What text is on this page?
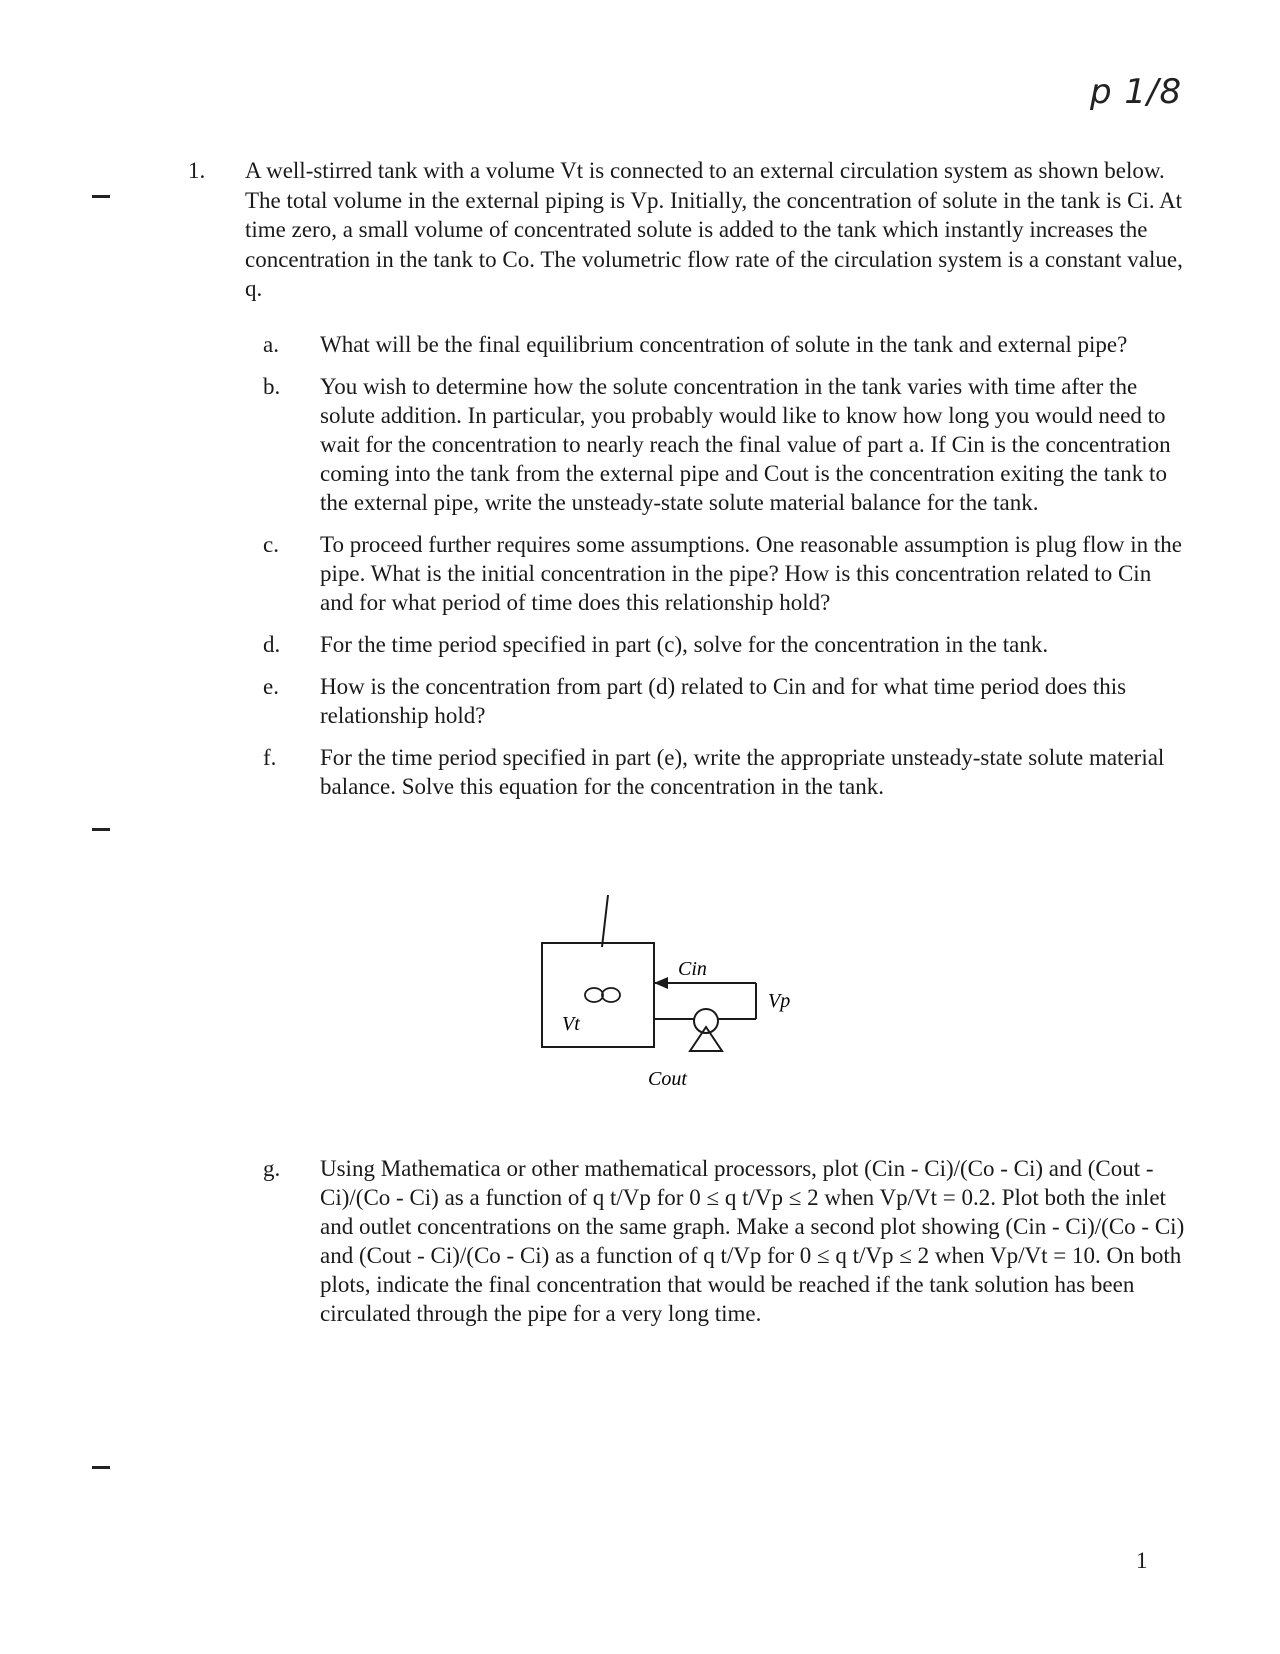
p 1/8
1. A well-stirred tank with a volume Vt is connected to an external circulation system as shown below. The total volume in the external piping is Vp. Initially, the concentration of solute in the tank is Ci. At time zero, a small volume of concentrated solute is added to the tank which instantly increases the concentration in the tank to Co. The volumetric flow rate of the circulation system is a constant value, q.
a.	What will be the final equilibrium concentration of solute in the tank and external pipe?
b.	You wish to determine how the solute concentration in the tank varies with time after the solute addition. In particular, you probably would like to know how long you would need to wait for the concentration to nearly reach the final value of part a. If Cin is the concentration coming into the tank from the external pipe and Cout is the concentration exiting the tank to the external pipe, write the unsteady-state solute material balance for the tank.
c.	To proceed further requires some assumptions. One reasonable assumption is plug flow in the pipe. What is the initial concentration in the pipe? How is this concentration related to Cin and for what period of time does this relationship hold?
d.	For the time period specified in part (c), solve for the concentration in the tank.
e.	How is the concentration from part (d) related to Cin and for what time period does this relationship hold?
f.	For the time period specified in part (e), write the appropriate unsteady-state solute material balance. Solve this equation for the concentration in the tank.
Vt
Cin
Vp
Cout
g.	Using Mathematica or other mathematical processors, plot (Cin - Ci)/(Co - Ci) and (Cout - Ci)/(Co - Ci) as a function of q t/Vp for 0 ≤ q t/Vp ≤ 2 when Vp/Vt = 0.2. Plot both the inlet and outlet concentrations on the same graph. Make a second plot showing (Cin - Ci)/(Co - Ci) and (Cout - Ci)/(Co - Ci) as a function of q t/Vp for 0 ≤ q t/Vp ≤ 2 when Vp/Vt = 10. On both plots, indicate the final concentration that would be reached if the tank solution has been circulated through the pipe for a very long time.
1
